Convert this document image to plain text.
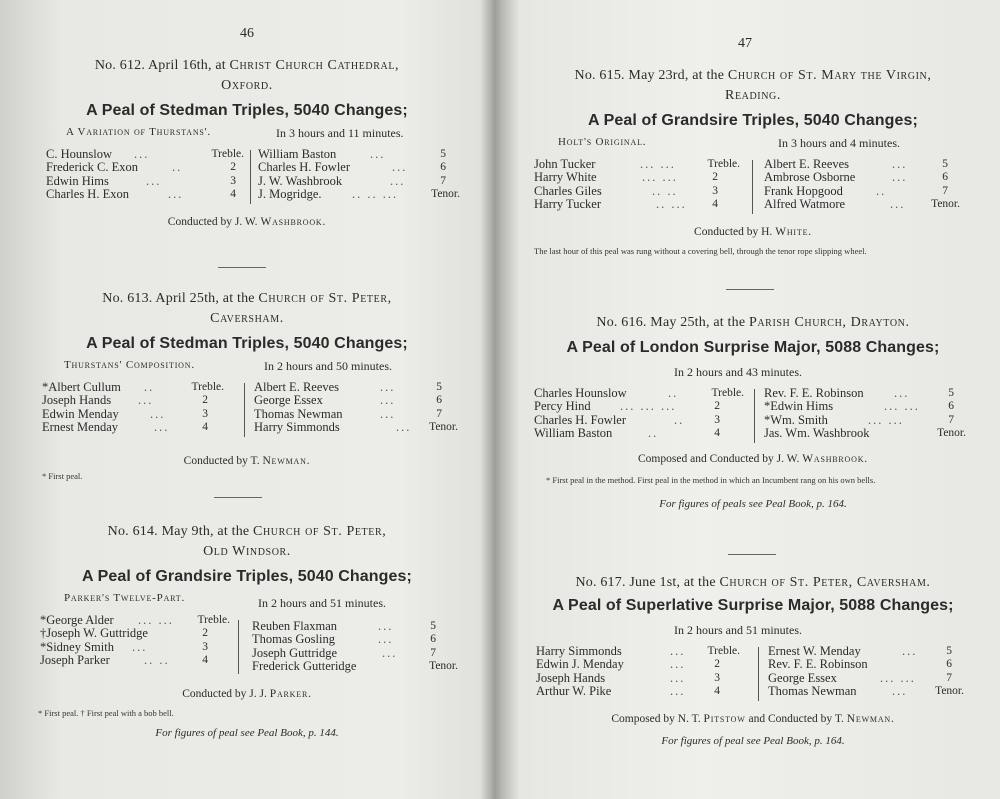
46
No. 612. April 16th, at Christ Church Cathedral,
Oxford.
A Peal of Stedman Triples, 5040 Changes;
A Variation of Thurstans'.	In 3 hours and 11 minutes.
C. Hounslow ...	Treble.
Frederick C. Exon	..	2
Edwin Hims	...	3
Charles H. Exon	...	4
William Baston	...	5
Charles H. Fowler	...	6
J. W. Washbrook	...	7
J. Mogridge. .. .. ...	Tenor.
Conducted by J. W. Washbrook.
No. 613. April 25th, at the Church of St. Peter,
Caversham.
A Peal of Stedman Triples, 5040 Changes;
Thurstans' Composition.	In 2 hours and 50 minutes.
*Albert Cullum ..	Treble.
Joseph Hands ...	2
Edwin Menday	...	3
Ernest Menday	...	4
Albert E. Reeves	...	5
George Essex	...	6
Thomas Newman	...	7
Harry Simmonds	... Tenor.
Conducted by T. Newman.
* First peal.
No. 614. May 9th, at the Church of St. Peter,
Old Windsor.
A Peal of Grandsire Triples, 5040 Changes;
Parker's Twelve-Part.	In 2 hours and 51 minutes.
*George Alder ... ... Treble.
†Joseph W. Guttridge	2
*Sidney Smith ...	3
Joseph Parker	.. ..	4
Reuben Flaxman	...	5
Thomas Gosling	...	6
Joseph Guttridge	...	7
Frederick Gutteridge	Tenor.
Conducted by J. J. Parker.
* First peal. † First peal with a bob bell.
For figures of peal see Peal Book, p. 144.
47
No. 615. May 23rd, at the Church of St. Mary the Virgin,
Reading.
A Peal of Grandsire Triples, 5040 Changes;
Holt's Original.	In 3 hours and 4 minutes.
John Tucker	... ...	Treble.
Harry White	... ...	2
Charles Giles	.. ..	3
Harry Tucker	.. ... 4
Albert E. Reeves	...	5
Ambrose Osborne	...	6
Frank Hopgood	..	7
Alfred Watmore	... Tenor.
Conducted by H. White.
The last hour of this peal was rung without a covering bell, through the tenor rope slipping wheel.
No. 616. May 25th, at the Parish Church, Drayton.
A Peal of London Surprise Major, 5088 Changes;
In 2 hours and 43 minutes.
Charles Hounslow	..	Treble.
Percy Hind ... ... ...	2
Charles H. Fowler	..	3
William Baston	..	4
Rev. F. E. Robinson ...	5
*Edwin Hims	... ... 6
*Wm. Smith	... ...	7
Jas. Wm. Washbrook	Tenor.
Composed and Conducted by J. W. Washbrook.
* First peal in the method. First peal in the method in which an Incumbent rang on his own bells.
For figures of peals see Peal Book, p. 164.
No. 617. June 1st, at the Church of St. Peter, Caversham.
A Peal of Superlative Surprise Major, 5088 Changes;
In 2 hours and 51 minutes.
Harry Simmonds	... Treble.
Edwin J. Menday	...	2
Joseph Hands	...	3
Arthur W. Pike	...	4
Ernest W. Menday	...	5
Rev. F. E. Robinson	6
George Essex	... ...	7
Thomas Newman	... Tenor.
Composed by N. T. Pitstow and Conducted by T. Newman.
For figures of peal see Peal Book, p. 164.
